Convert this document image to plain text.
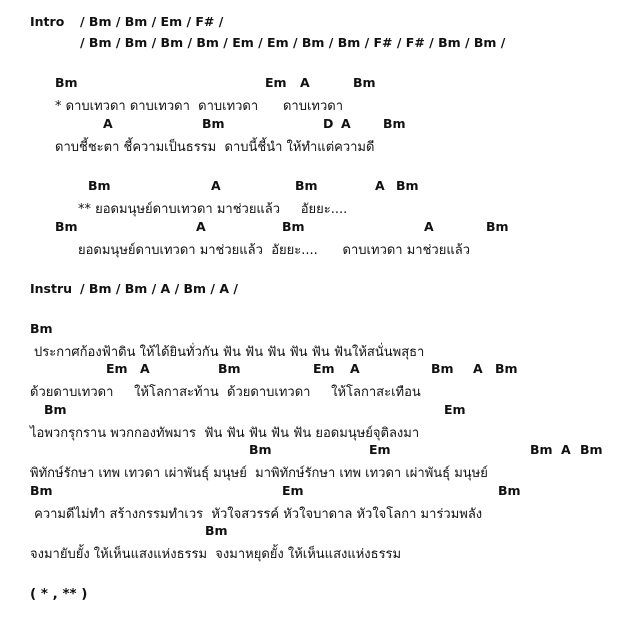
Intro / Bm / Bm / Em / F# /
/ Bm / Bm / Bm / Bm / Em / Em / Bm / Bm / F# / F# / Bm / Bm /
Bm	Em A	Bm
* ดาบเทวดา ดาบเทวดา  ดาบเทวดา      ดาบเทวดา
A	Bm	D A	Bm
ดาบชี้ชะตา ชี้ความเป็นธรรม  ดาบนี้ชี้นำ ให้ทำแต่ความดี
Bm	A	Bm	A Bm
** ยอดมนุษย์ดาบเทวดา มาช่วยแล้ว     อัยยะ....
Bm	A	Bm	A	Bm
ยอดมนุษย์ดาบเทวดา มาช่วยแล้ว  อัยยะ....      ดาบเทวดา มาช่วยแล้ว
Instru / Bm / Bm / A / Bm / A /
Bm
ประกาศก้องฟ้าดิน ให้ได้ยินทั่วกัน ฟัน ฟัน ฟัน ฟัน ฟัน ฟันให้สนั่นพสุธา
Em A	Bm	Em A	Bm A Bm
ด้วยดาบเทวดา     ให้โลกาสะท้าน  ด้วยดาบเทวดา     ให้โลกาสะเทือน
Bm	Em
ไอพวกรุกราน พวกกองทัพมาร  ฟัน ฟัน ฟัน ฟัน ฟัน ยอดมนุษย์จุติลงมา
Bm	Em	Bm A Bm
พิทักษ์รักษา เทพ เทวดา เผ่าพันธุ์ มนุษย์  มาพิทักษ์รักษา เทพ เทวดา เผ่าพันธุ์ มนุษย์
Bm	Em	Bm
ความดีไม่ทำ สร้างกรรมทำเวร  หัวใจสวรรค์ หัวใจบาดาล หัวใจโลกา มาร่วมพลัง
Bm
จงมายับยั้ง ให้เห็นแสงแห่งธรรม  จงมาหยุดยั้ง ให้เห็นแสงแห่งธรรม
( * , ** )
